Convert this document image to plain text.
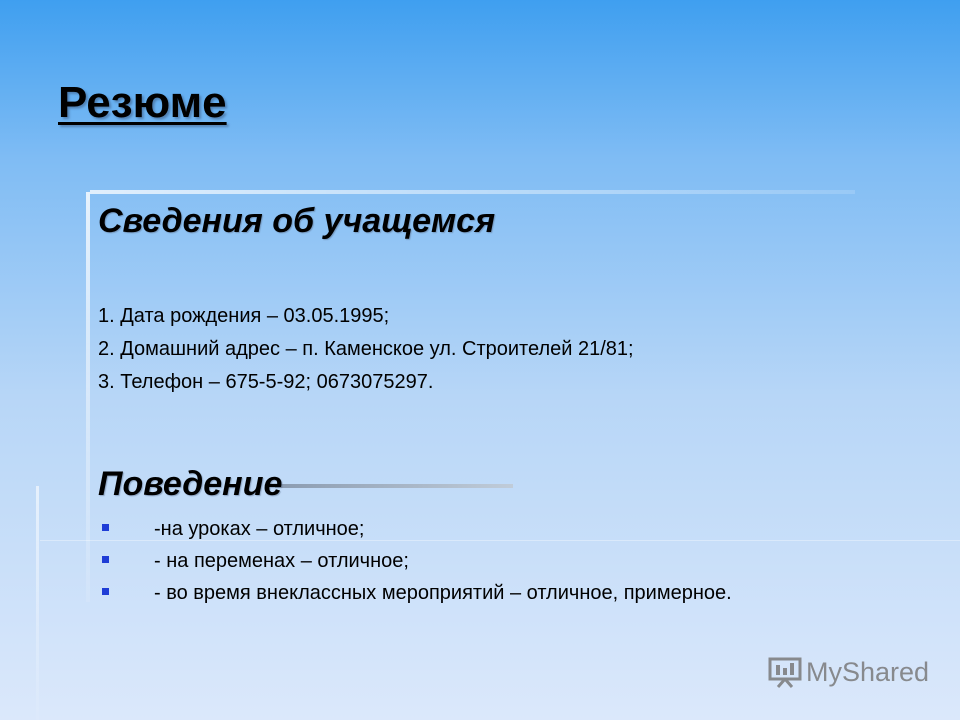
Резюме
Сведения об учащемся
1. Дата рождения – 03.05.1995;
2. Домашний адрес – п. Каменское ул. Строителей 21/81;
3. Телефон – 675-5-92; 0673075297.
Поведение
-на уроках – отличное;
- на переменах – отличное;
- во время внеклассных мероприятий – отличное, примерное.
MyShared
